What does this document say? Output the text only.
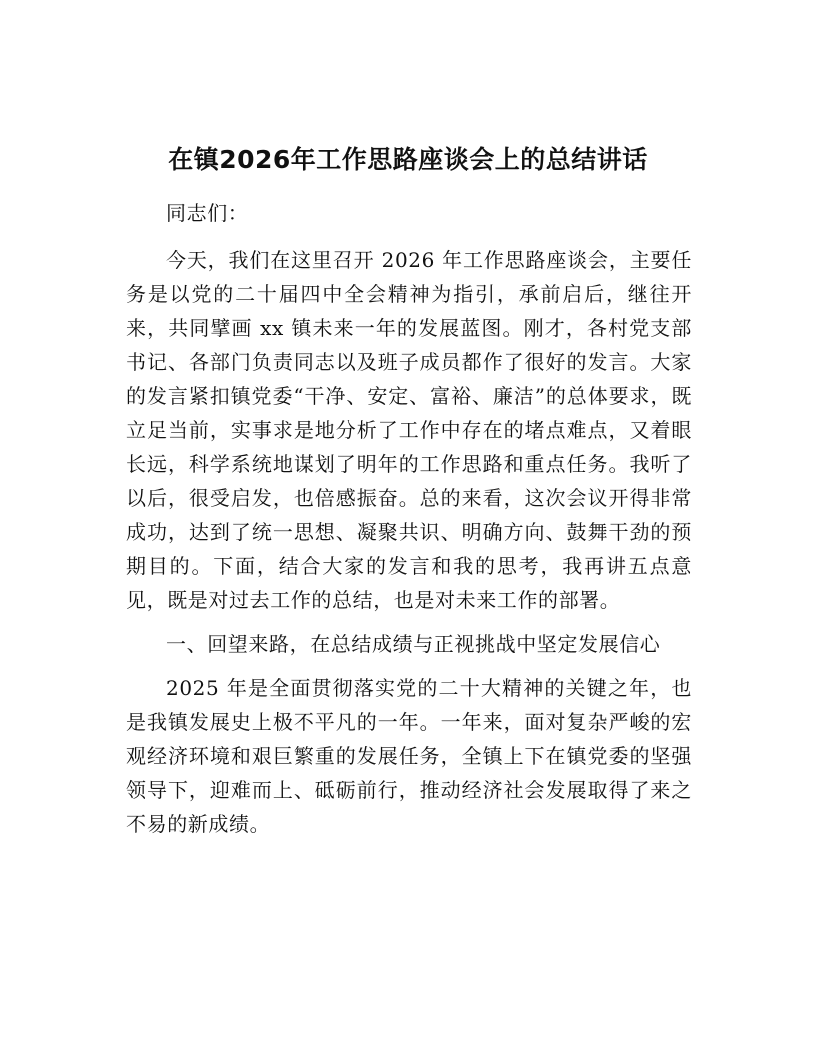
在镇2026年工作思路座谈会上的总结讲话

同志们：

今天，我们在这里召开 2026 年工作思路座谈会，主要任务是以党的二十届四中全会精神为指引，承前启后，继往开来，共同擘画 xx 镇未来一年的发展蓝图。刚才，各村党支部书记、各部门负责同志以及班子成员都作了很好的发言。大家的发言紧扣镇党委“干净、安定、富裕、廉洁”的总体要求，既立足当前，实事求是地分析了工作中存在的堵点难点，又着眼长远，科学系统地谋划了明年的工作思路和重点任务。我听了以后，很受启发，也倍感振奋。总的来看，这次会议开得非常成功，达到了统一思想、凝聚共识、明确方向、鼓舞干劲的预期目的。下面，结合大家的发言和我的思考，我再讲五点意见，既是对过去工作的总结，也是对未来工作的部署。

一、回望来路，在总结成绩与正视挑战中坚定发展信心

2025 年是全面贯彻落实党的二十大精神的关键之年，也是我镇发展史上极不平凡的一年。一年来，面对复杂严峻的宏观经济环境和艰巨繁重的发展任务，全镇上下在镇党委的坚强领导下，迎难而上、砥砺前行，推动经济社会发展取得了来之不易的新成绩。
